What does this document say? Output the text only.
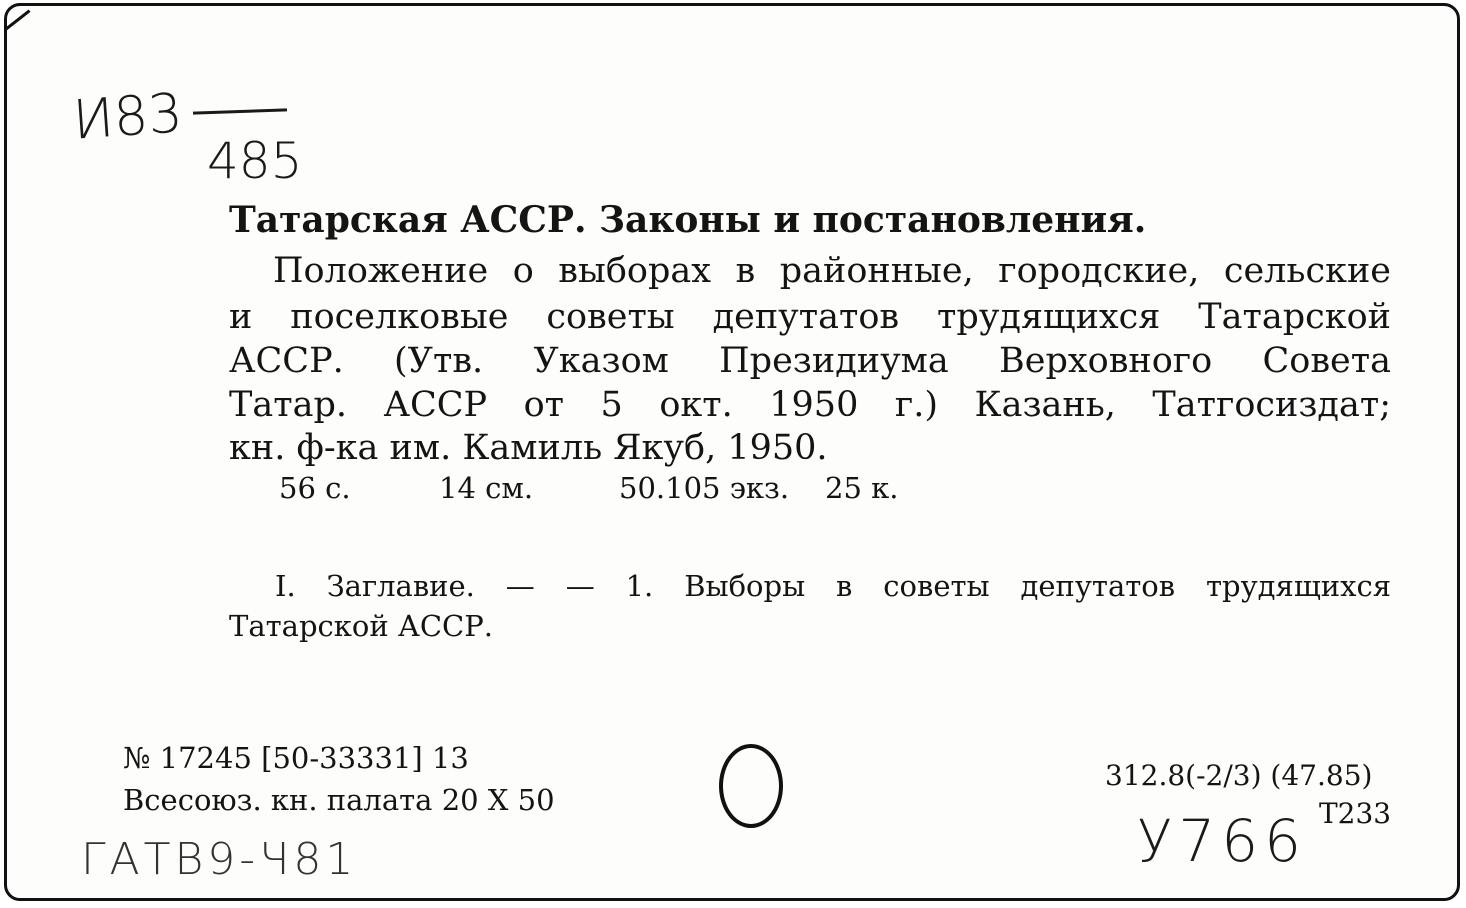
И83
485
Татарская АССР. Законы и постановления.
Положение о выборах в районные, городские, сельские
и поселковые советы депутатов трудящихся Татарской
АССР. (Утв. Указом Президиума Верховного Совета
Татар. АССР от 5 окт. 1950 г.) Казань, Татгосиздат;
кн. ф-ка им. Камиль Якуб, 1950.
56 с.	14 см.	50.105 экз. 25 к.
I. Заглавие. — — 1. Выборы в советы депутатов трудящихся
Татарской АССР.
№ 17245 [50-33331] 13
Всесоюз. кн. палата 20 X 50
312.8(-2/3) (47.85)
Т233
У766
ГАТВ9-Ч81
